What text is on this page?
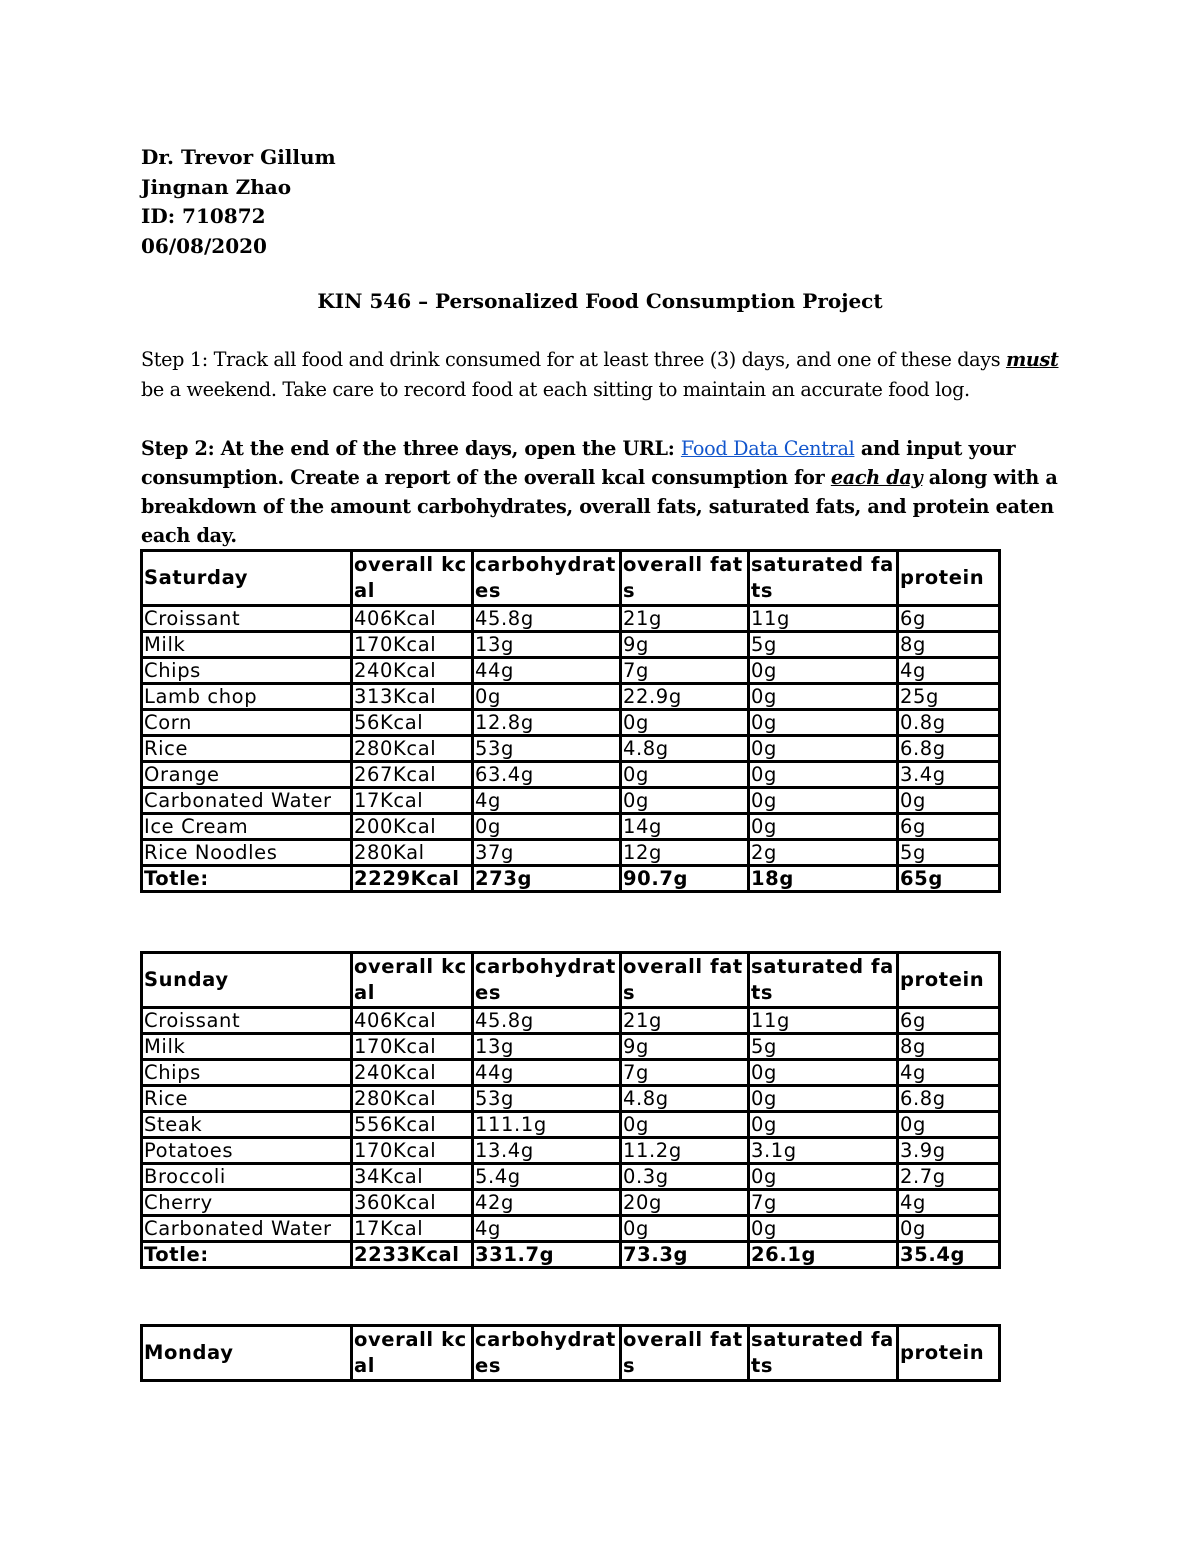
Dr. Trevor Gillum
Jingnan Zhao
ID: 710872
06/08/2020
KIN 546 – Personalized Food Consumption Project
Step 1: Track all food and drink consumed for at least three (3) days, and one of these days must be a weekend. Take care to record food at each sitting to maintain an accurate food log.
Step 2: At the end of the three days, open the URL: Food Data Central and input your consumption. Create a report of the overall kcal consumption for each day along with a breakdown of the amount carbohydrates, overall fats, saturated fats, and protein eaten each day.
Saturday	overall kcal	carbohydrates	overall fats	saturated fats	protein
Croissant	406Kcal	45.8g	21g	11g	6g
Milk	170Kcal	13g	9g	5g	8g
Chips	240Kcal	44g	7g	0g	4g
Lamb chop	313Kcal	0g	22.9g	0g	25g
Corn	56Kcal	12.8g	0g	0g	0.8g
Rice	280Kcal	53g	4.8g	0g	6.8g
Orange	267Kcal	63.4g	0g	0g	3.4g
Carbonated Water	17Kcal	4g	0g	0g	0g
Ice Cream	200Kcal	0g	14g	0g	6g
Rice Noodles	280Kal	37g	12g	2g	5g
Totle:	2229Kcal	273g	90.7g	18g	65g
Sunday	overall kcal	carbohydrates	overall fats	saturated fats	protein
Croissant	406Kcal	45.8g	21g	11g	6g
Milk	170Kcal	13g	9g	5g	8g
Chips	240Kcal	44g	7g	0g	4g
Rice	280Kcal	53g	4.8g	0g	6.8g
Steak	556Kcal	111.1g	0g	0g	0g
Potatoes	170Kcal	13.4g	11.2g	3.1g	3.9g
Broccoli	34Kcal	5.4g	0.3g	0g	2.7g
Cherry	360Kcal	42g	20g	7g	4g
Carbonated Water	17Kcal	4g	0g	0g	0g
Totle:	2233Kcal	331.7g	73.3g	26.1g	35.4g
Monday	overall kcal	carbohydrates	overall fats	saturated fats	protein
